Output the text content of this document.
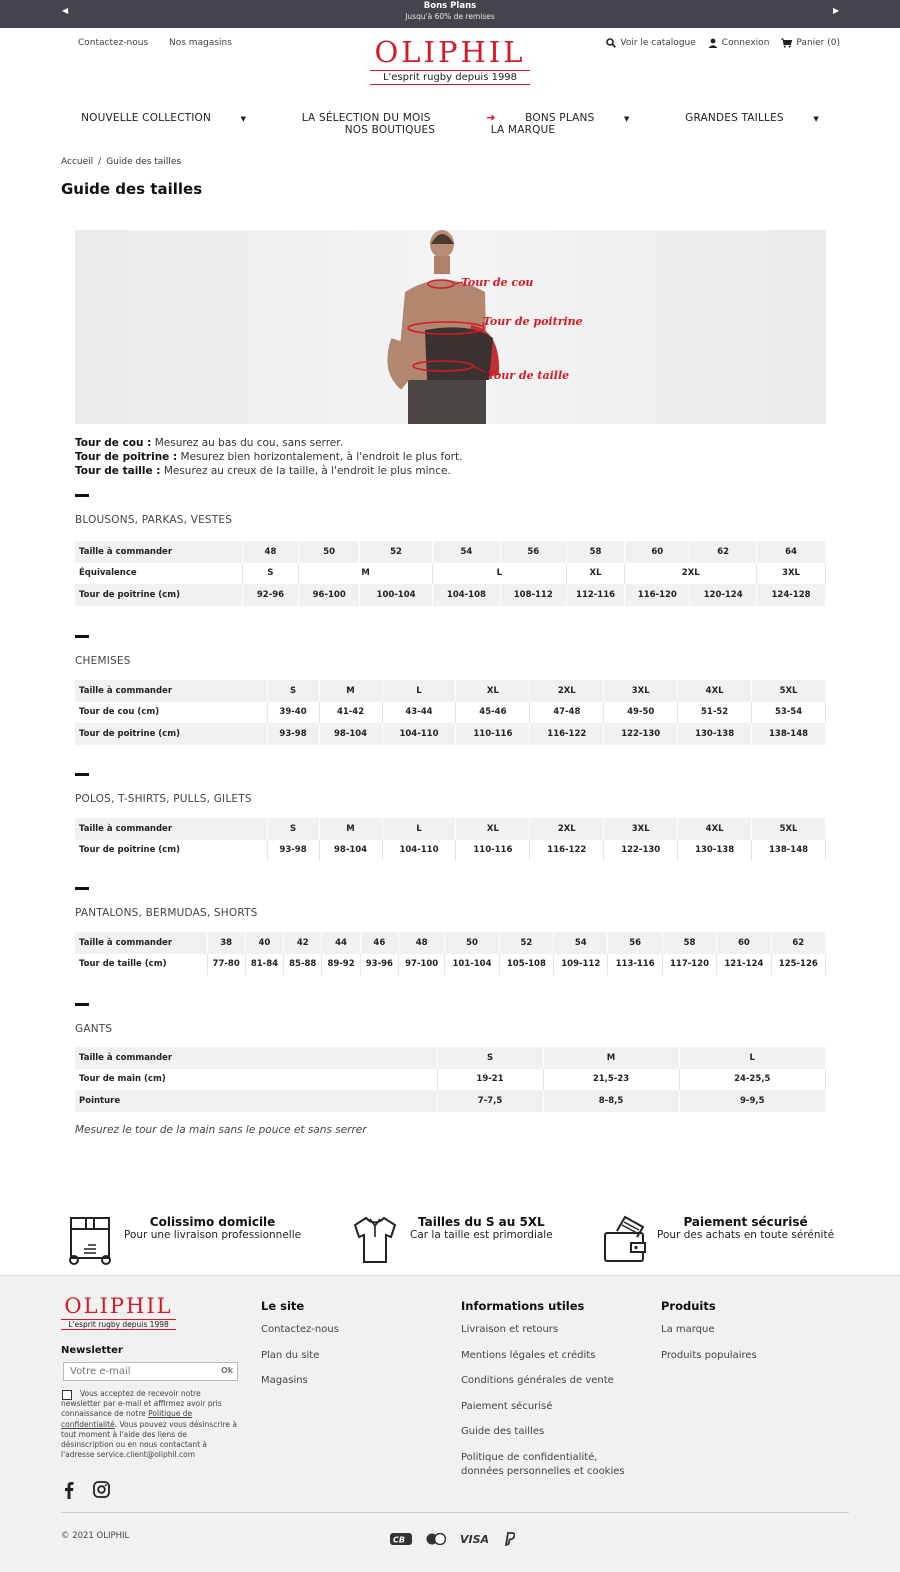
◀	Bons Plans
Jusqu'à 60% de remises
▶
Contactez-nous Nos magasins	OLIPHIL
L'esprit rugby depuis 1998
Voir le catalogue	Connexion	Panier (0)
NOUVELLE COLLECTION	▼	LA SÉLECTION DU MOIS	➜	BONS PLANS	▼	GRANDES TAILLES	▼ NOS BOUTIQUES	LA MARQUE
Accueil / Guide des tailles
Guide des tailles
Tour de cou
Tour de poitrine
Tour de taille
Tour de cou : Mesurez au bas du cou, sans serrer.
Tour de poitrine : Mesurez bien horizontalement, à l'endroit le plus fort.
Tour de taille : Mesurez au creux de la taille, à l'endroit le plus mince.
BLOUSONS, PARKAS, VESTES
Taille à commander	48	50	52	54	56	58	60	62	64
Équivalence	S	M		L		XL	2XL		3XL
Tour de poitrine (cm)	92-96	96-100	100-104	104-108	108-112	112-116	116-120	120-124	124-128
CHEMISES
Taille à commander	S	M	L	XL	2XL	3XL	4XL	5XL
Tour de cou (cm)	39-40	41-42	43-44	45-46	47-48	49-50	51-52	53-54
Tour de poitrine (cm)	93-98	98-104	104-110	110-116	116-122	122-130	130-138	138-148
POLOS, T-SHIRTS, PULLS, GILETS
Taille à commander	S	M	L	XL	2XL	3XL	4XL	5XL
Tour de poitrine (cm)	93-98	98-104	104-110	110-116	116-122	122-130	130-138	138-148
PANTALONS, BERMUDAS, SHORTS
Taille à commander	38	40	42	44	46	48	50	52	54	56	58	60	62
Tour de taille (cm)	77-80	81-84	85-88	89-92	93-96	97-100	101-104	105-108	109-112	113-116	117-120	121-124	125-126
GANTS
Taille à commander	S	M	L
Tour de main (cm)	19-21	21,5-23	24-25,5
Pointure	7-7,5	8-8,5	9-9,5
Mesurez le tour de la main sans le pouce et sans serrer
Colissimo domicile
Pour une livraison professionnelle
Tailles du S au 5XL
Car la taille est primordiale
Paiement sécurisé
Pour des achats en toute sérénité
OLIPHIL
L'esprit rugby depuis 1998
Newsletter
Votre e-mail
Ok
Vous acceptez de recevoir notre newsletter par e-mail et affirmez avoir pris connaissance de notre Politique de confidentialité. Vous pouvez vous désinscrire à tout moment à l'aide des liens de désinscription ou en nous contactant à l'adresse service.client@oliphil.com
Le site
Contactez-nous
Plan du site
Magasins
Informations utiles
Livraison et retours
Mentions légales et crédits
Conditions générales de vente
Paiement sécurisé
Guide des tailles
Politique de confidentialité, données personnelles et cookies
Produits
La marque
Produits populaires
© 2021 OLIPHIL	CB	VISA
